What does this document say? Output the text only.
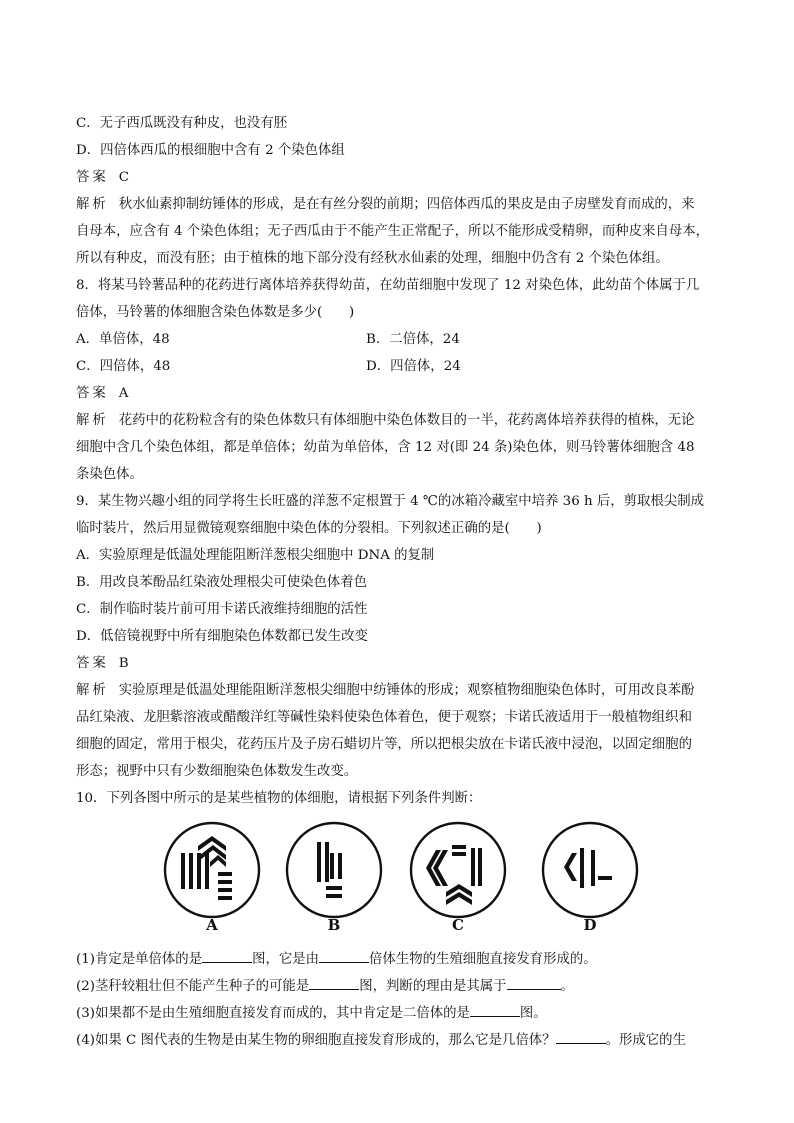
C．无子西瓜既没有种皮，也没有胚
D．四倍体西瓜的根细胞中含有 2 个染色体组
答案 C
解析 秋水仙素抑制纺锤体的形成，是在有丝分裂的前期；四倍体西瓜的果皮是由子房壁发育而成的，来
自母本，应含有 4 个染色体组；无子西瓜由于不能产生正常配子，所以不能形成受精卵，而种皮来自母本，
所以有种皮，而没有胚；由于植株的地下部分没有经秋水仙素的处理，细胞中仍含有 2 个染色体组。
8．将某马铃薯品种的花药进行离体培养获得幼苗，在幼苗细胞中发现了 12 对染色体，此幼苗个体属于几
倍体，马铃薯的体细胞含染色体数是多少(　　)
A．单倍体，48	B．二倍体，24
C．四倍体，48	D．四倍体，24
答案 A
解析 花药中的花粉粒含有的染色体数只有体细胞中染色体数目的一半，花药离体培养获得的植株，无论
细胞中含几个染色体组，都是单倍体；幼苗为单倍体，含 12 对(即 24 条)染色体，则马铃薯体细胞含 48
条染色体。
9．某生物兴趣小组的同学将生长旺盛的洋葱不定根置于 4 ℃的冰箱冷藏室中培养 36 h 后，剪取根尖制成
临时装片，然后用显微镜观察细胞中染色体的分裂相。下列叙述正确的是(　　)
A．实验原理是低温处理能阻断洋葱根尖细胞中 DNA 的复制
B．用改良苯酚品红染液处理根尖可使染色体着色
C．制作临时装片前可用卡诺氏液维持细胞的活性
D．低倍镜视野中所有细胞染色体数都已发生改变
答案 B
解析 实验原理是低温处理能阻断洋葱根尖细胞中纺锤体的形成；观察植物细胞染色体时，可用改良苯酚
品红染液、龙胆紫溶液或醋酸洋红等碱性染料使染色体着色，便于观察；卡诺氏液适用于一般植物组织和
细胞的固定，常用于根尖，花药压片及子房石蜡切片等，所以把根尖放在卡诺氏液中浸泡，以固定细胞的
形态；视野中只有少数细胞染色体数发生改变。
10．下列各图中所示的是某些植物的体细胞，请根据下列条件判断：
A	B	C	D
(1)肯定是单倍体的是	图，它是由	倍体生物的生殖细胞直接发育形成的。
(2)茎秆较粗壮但不能产生种子的可能是	图，判断的理由是其属于	。
(3)如果都不是由生殖细胞直接发育而成的，其中肯定是二倍体的是	图。
(4)如果 C 图代表的生物是由某生物的卵细胞直接发育形成的，那么它是几倍体？	。形成它的生
